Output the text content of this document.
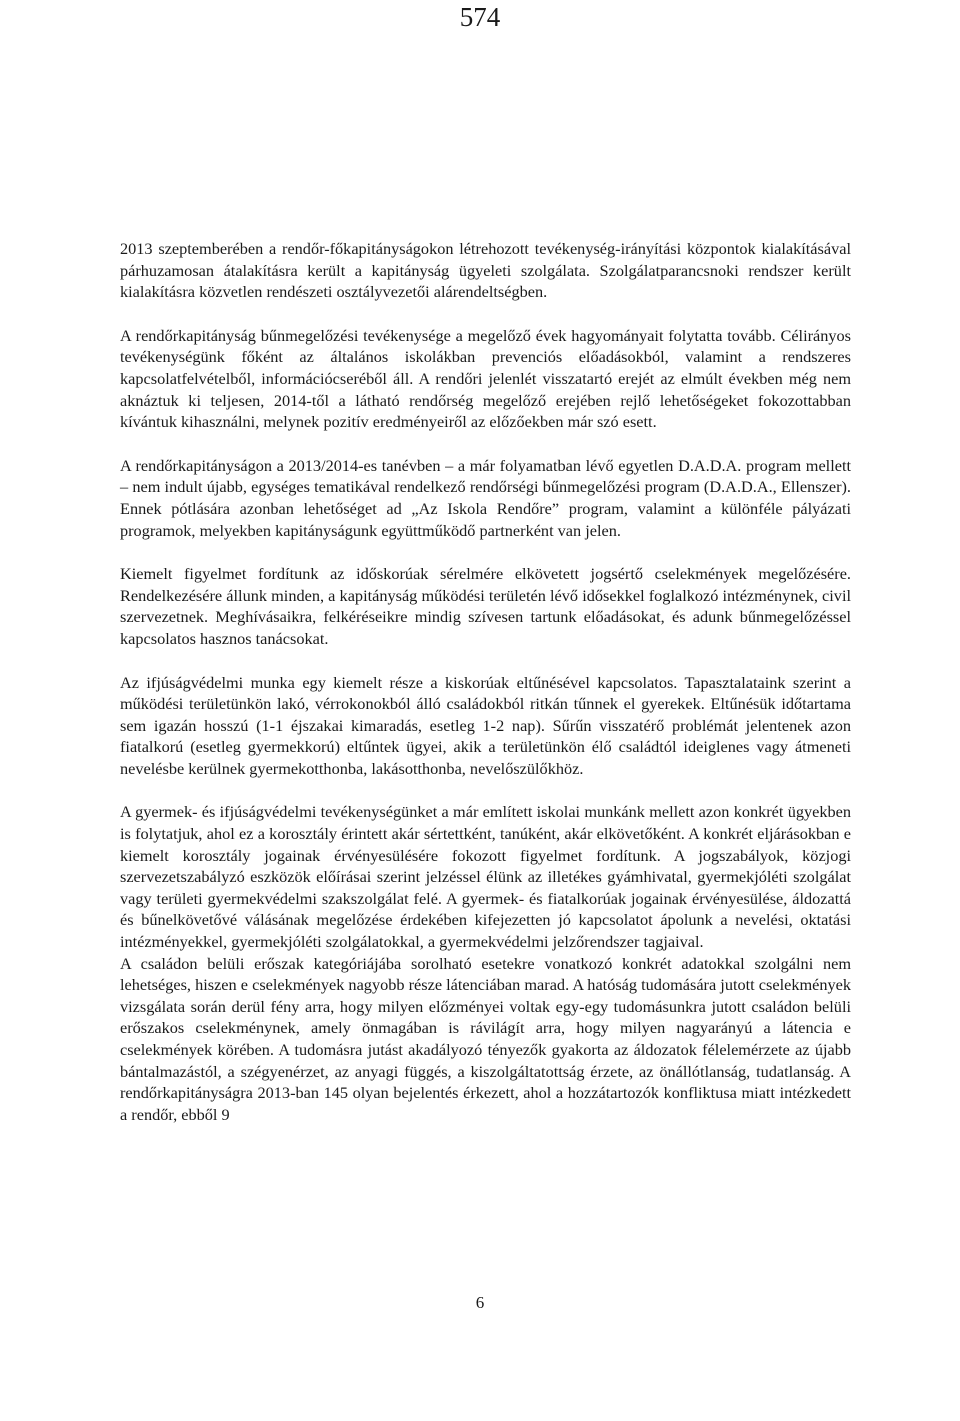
574

2013 szeptemberében a rendőr-főkapitányságokon létrehozott tevékenység-irányítási központok kialakításával párhuzamosan átalakításra került a kapitányság ügyeleti szolgálata. Szolgálatparancsnoki rendszer került kialakításra közvetlen rendészeti osztályvezetői alárendeltségben.

A rendőrkapitányság bűnmegelőzési tevékenysége a megelőző évek hagyományait folytatta tovább. Célirányos tevékenységünk főként az általános iskolákban prevenciós előadásokból, valamint a rendszeres kapcsolatfelvételből, információcseréből áll. A rendőri jelenlét visszatartó erejét az elmúlt években még nem aknáztuk ki teljesen, 2014-től a látható rendőrség megelőző erejében rejlő lehetőségeket fokozottabban kívántuk kihasználni, melynek pozitív eredményeiről az előzőekben már szó esett.

A rendőrkapitányságon a 2013/2014-es tanévben – a már folyamatban lévő egyetlen D.A.D.A. program mellett – nem indult újabb, egységes tematikával rendelkező rendőrségi bűnmegelőzési program (D.A.D.A., Ellenszer). Ennek pótlására azonban lehetőséget ad „Az Iskola Rendőre” program, valamint a különféle pályázati programok, melyekben kapitányságunk együttműködő partnerként van jelen.

Kiemelt figyelmet fordítunk az időskorúak sérelmére elkövetett jogsértő cselekmények megelőzésére. Rendelkezésére állunk minden, a kapitányság működési területén lévő idősekkel foglalkozó intézménynek, civil szervezetnek. Meghívásaikra, felkéréseikre mindig szívesen tartunk előadásokat, és adunk bűnmegelőzéssel kapcsolatos hasznos tanácsokat.

Az ifjúságvédelmi munka egy kiemelt része a kiskorúak eltűnésével kapcsolatos. Tapasztalataink szerint a működési területünkön lakó, vérrokonokból álló családokból ritkán tűnnek el gyerekek. Eltűnésük időtartama sem igazán hosszú (1-1 éjszakai kimaradás, esetleg 1-2 nap). Sűrűn visszatérő problémát jelentenek azon fiatalkorú (esetleg gyermekkorú) eltűntek ügyei, akik a területünkön élő családtól ideiglenes vagy átmeneti nevelésbe kerülnek gyermekotthonba, lakásotthonba, nevelőszülőkhöz.

A gyermek- és ifjúságvédelmi tevékenységünket a már említett iskolai munkánk mellett azon konkrét ügyekben is folytatjuk, ahol ez a korosztály érintett akár sértettként, tanúként, akár elkövetőként. A konkrét eljárásokban e kiemelt korosztály jogainak érvényesülésére fokozott figyelmet fordítunk. A jogszabályok, közjogi szervezetszabályzó eszközök előírásai szerint jelzéssel élünk az illetékes gyámhivatal, gyermekjóléti szolgálat vagy területi gyermekvédelmi szakszolgálat felé. A gyermek- és fiatalkorúak jogainak érvényesülése, áldozattá és bűnelkövetővé válásának megelőzése érdekében kifejezetten jó kapcsolatot ápolunk a nevelési, oktatási intézményekkel, gyermekjóléti szolgálatokkal, a gyermekvédelmi jelzőrendszer tagjaival.

A családon belüli erőszak kategóriájába sorolható esetekre vonatkozó konkrét adatokkal szolgálni nem lehetséges, hiszen e cselekmények nagyobb része látenciában marad. A hatóság tudomására jutott cselekmények vizsgálata során derül fény arra, hogy milyen előzményei voltak egy-egy tudomásunkra jutott családon belüli erőszakos cselekménynek, amely önmagában is rávilágít arra, hogy milyen nagyarányú a látencia e cselekmények körében. A tudomásra jutást akadályozó tényezők gyakorta az áldozatok félelemérzete az újabb bántalmazástól, a szégyenérzet, az anyagi függés, a kiszolgáltatottság érzete, az önállótlanság, tudatlanság. A rendőrkapitányságra 2013-ban 145 olyan bejelentés érkezett, ahol a hozzátartozók konfliktusa miatt intézkedett a rendőr, ebből 9

6
